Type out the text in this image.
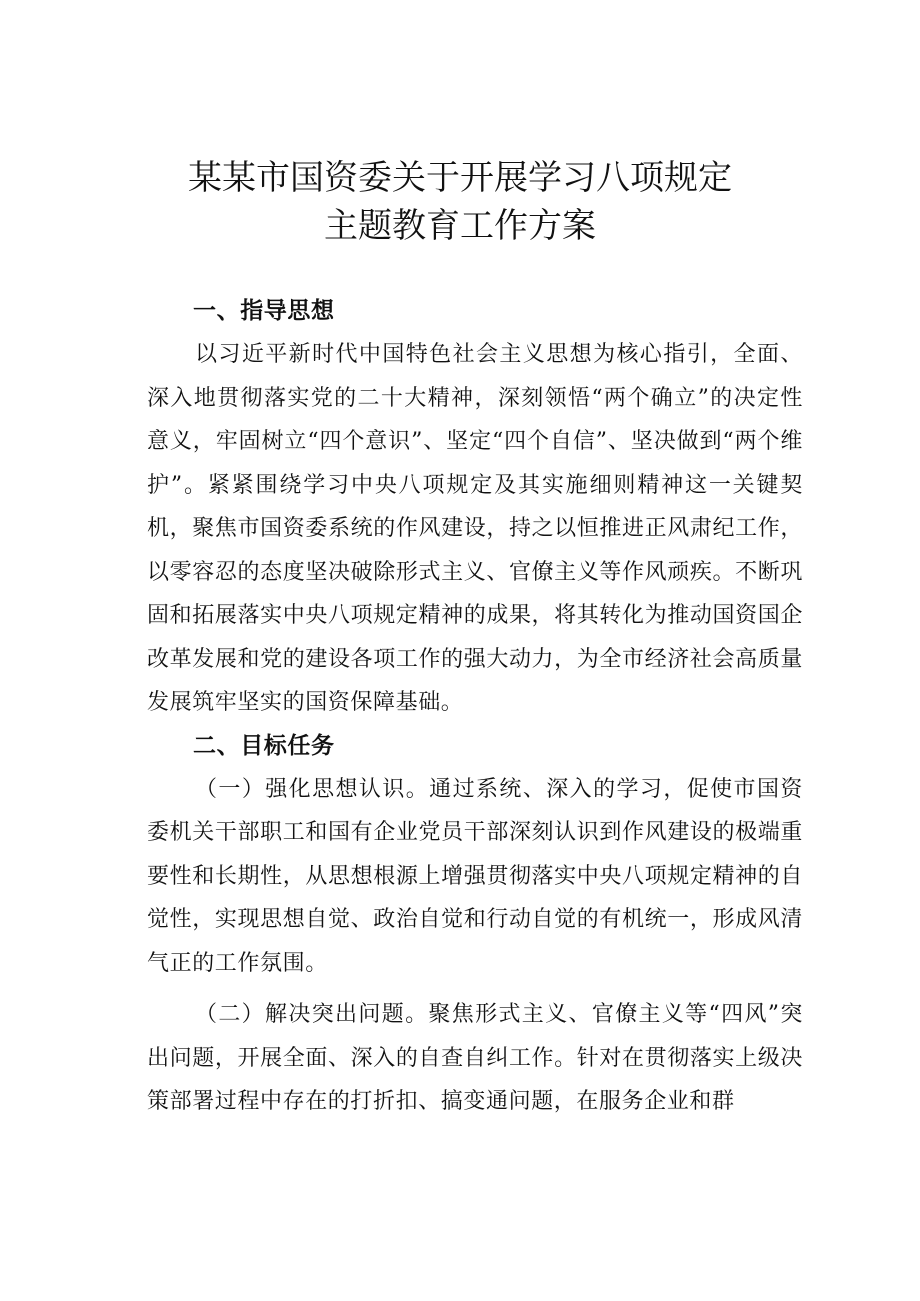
某某市国资委关于开展学习八项规定
主题教育工作方案
一、指导思想

以习近平新时代中国特色社会主义思想为核心指引，全面、深入地贯彻落实党的二十大精神，深刻领悟“两个确立”的决定性意义，牢固树立“四个意识”、坚定“四个自信”、坚决做到“两个维护”。紧紧围绕学习中央八项规定及其实施细则精神这一关键契机，聚焦市国资委系统的作风建设，持之以恒推进正风肃纪工作，以零容忍的态度坚决破除形式主义、官僚主义等作风顽疾。不断巩固和拓展落实中央八项规定精神的成果，将其转化为推动国资国企改革发展和党的建设各项工作的强大动力，为全市经济社会高质量发展筑牢坚实的国资保障基础。

二、目标任务

（一）强化思想认识。通过系统、深入的学习，促使市国资委机关干部职工和国有企业党员干部深刻认识到作风建设的极端重要性和长期性，从思想根源上增强贯彻落实中央八项规定精神的自觉性，实现思想自觉、政治自觉和行动自觉的有机统一，形成风清气正的工作氛围。

（二）解决突出问题。聚焦形式主义、官僚主义等“四风”突出问题，开展全面、深入的自查自纠工作。针对在贯彻落实上级决策部署过程中存在的打折扣、搞变通问题，在服务企业和群
